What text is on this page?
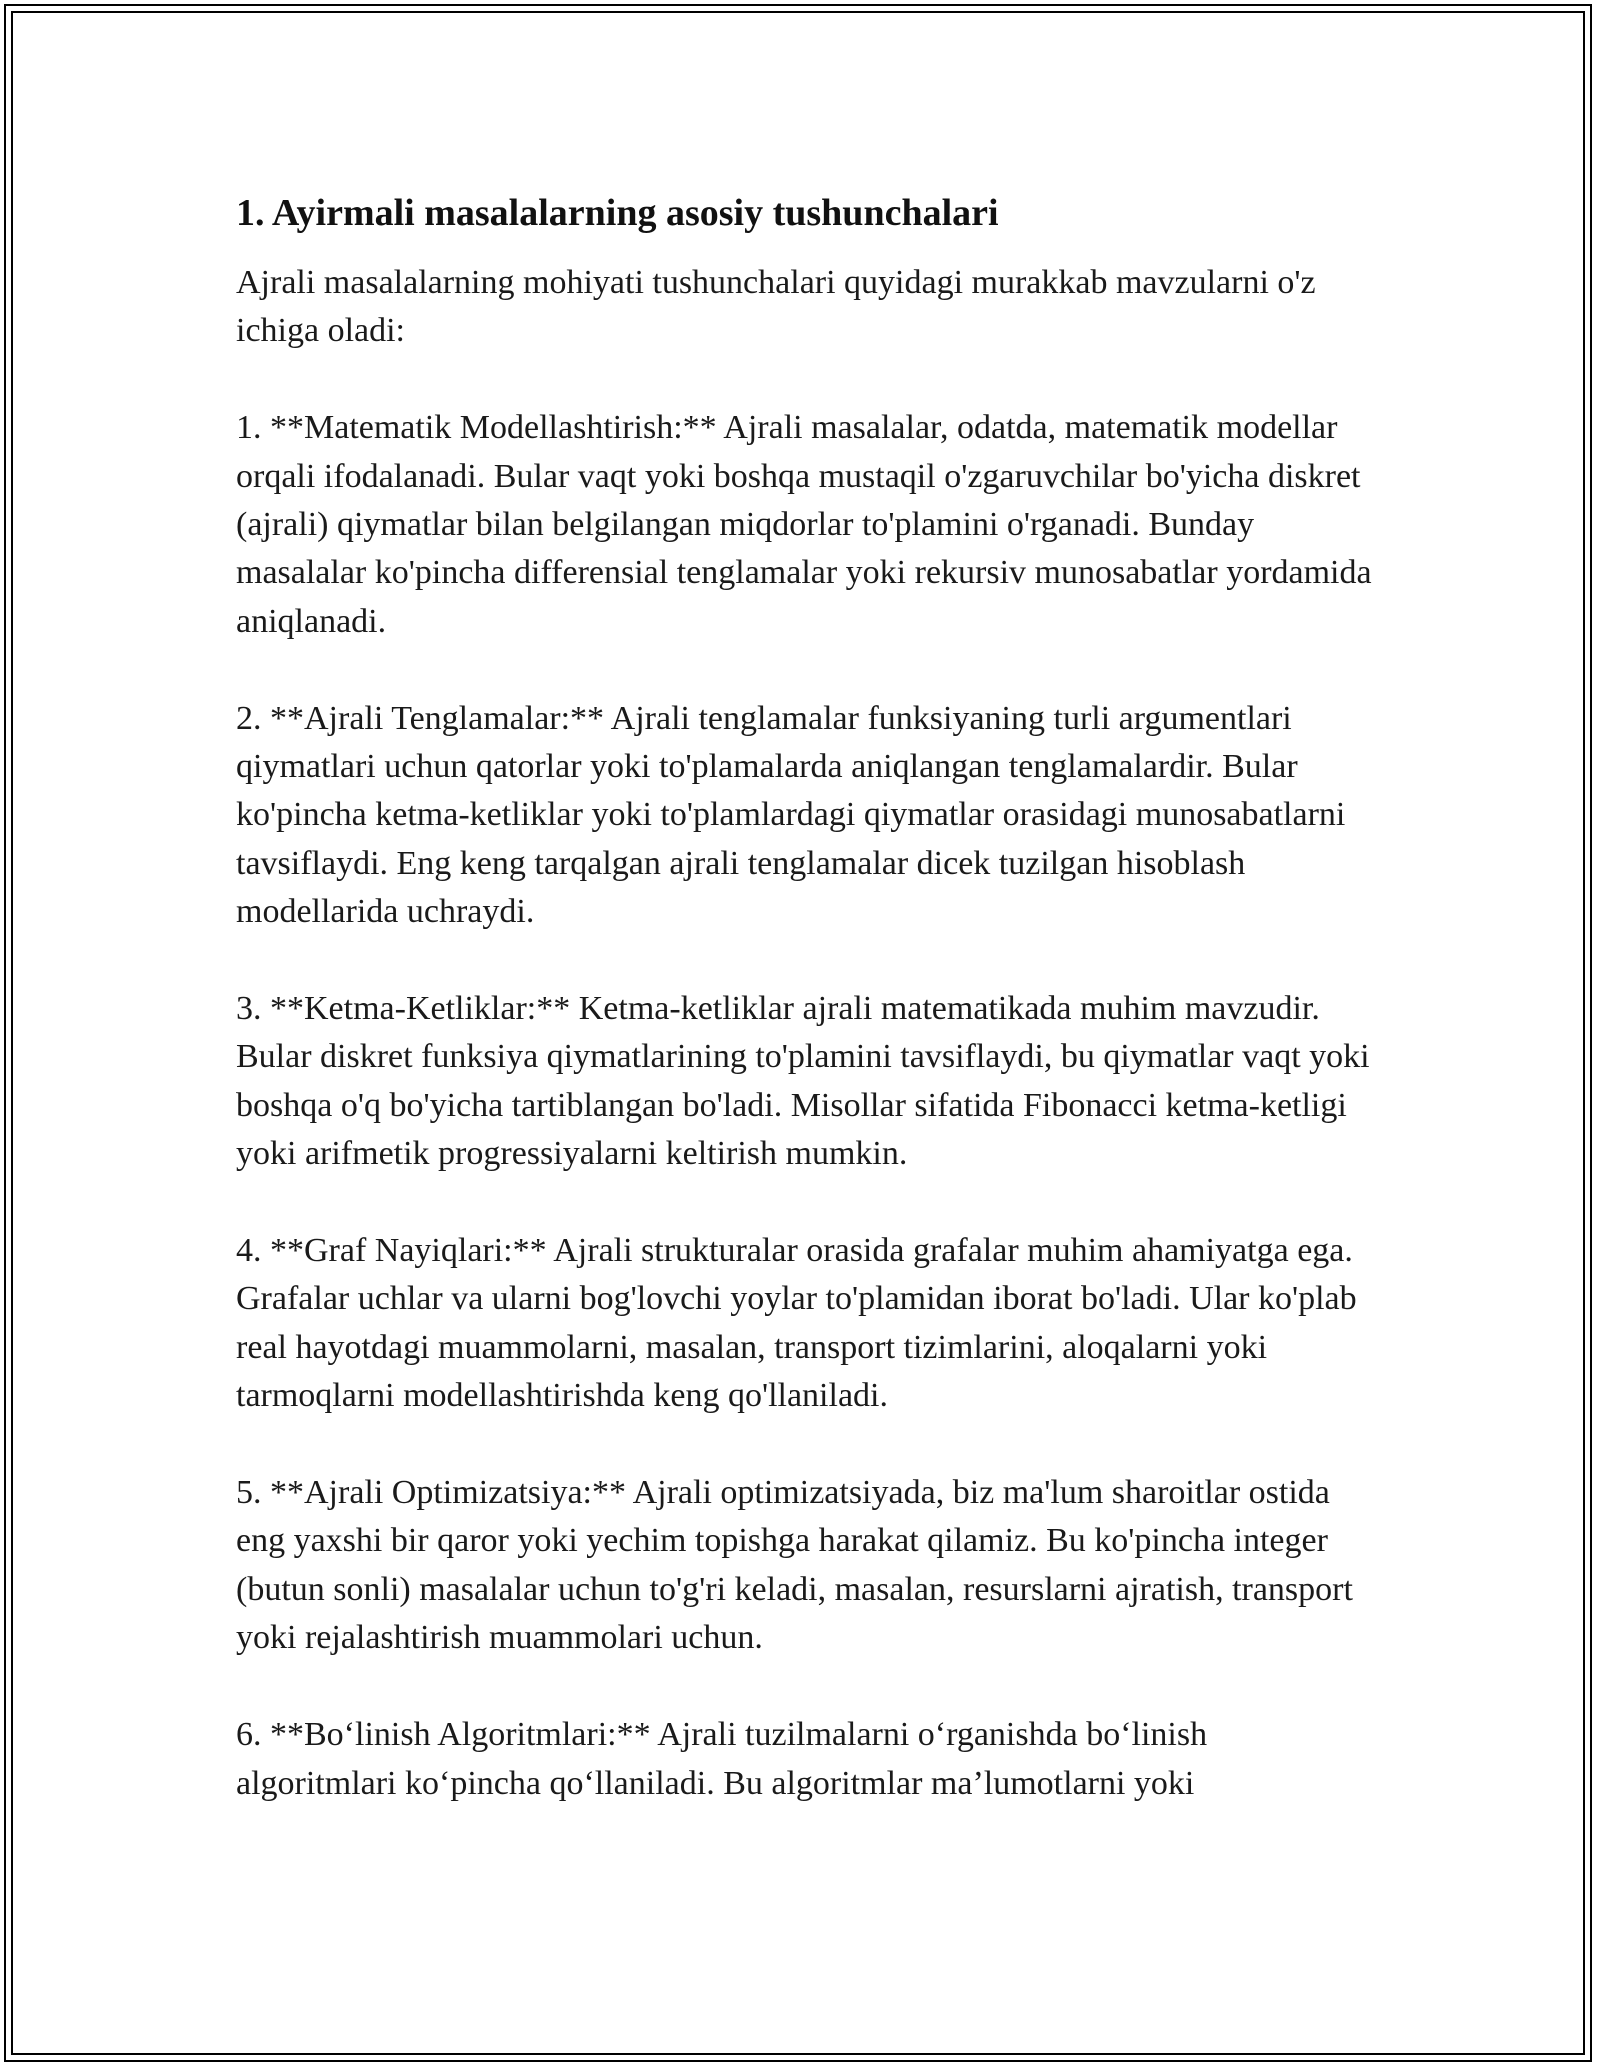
1. Ayirmali masalalarning asosiy tushunchalari

Ajrali masalalarning mohiyati tushunchalari quyidagi murakkab mavzularni o'z ichiga oladi:

1. **Matematik Modellashtirish:** Ajrali masalalar, odatda, matematik modellar orqali ifodalanadi. Bular vaqt yoki boshqa mustaqil o'zgaruvchilar bo'yicha diskret (ajrali) qiymatlar bilan belgilangan miqdorlar to'plamini o'rganadi. Bunday masalalar ko'pincha differensial tenglamalar yoki rekursiv munosabatlar yordamida aniqlanadi.

2. **Ajrali Tenglamalar:** Ajrali tenglamalar funksiyaning turli argumentlari qiymatlari uchun qatorlar yoki to'plamalarda aniqlangan tenglamalardir. Bular ko'pincha ketma-ketliklar yoki to'plamlardagi qiymatlar orasidagi munosabatlarni tavsiflaydi. Eng keng tarqalgan ajrali tenglamalar dicek tuzilgan hisoblash modellarida uchraydi.

3. **Ketma-Ketliklar:** Ketma-ketliklar ajrali matematikada muhim mavzudir. Bular diskret funksiya qiymatlarining to'plamini tavsiflaydi, bu qiymatlar vaqt yoki boshqa o'q bo'yicha tartiblangan bo'ladi. Misollar sifatida Fibonacci ketma-ketligi yoki arifmetik progressiyalarni keltirish mumkin.

4. **Graf Nayiqlari:** Ajrali strukturalar orasida grafalar muhim ahamiyatga ega. Grafalar uchlar va ularni bog'lovchi yoylar to'plamidan iborat bo'ladi. Ular ko'plab real hayotdagi muammolarni, masalan, transport tizimlarini, aloqalarni yoki tarmoqlarni modellashtirishda keng qo'llaniladi.

5. **Ajrali Optimizatsiya:** Ajrali optimizatsiyada, biz ma'lum sharoitlar ostida eng yaxshi bir qaror yoki yechim topishga harakat qilamiz. Bu ko'pincha integer (butun sonli) masalalar uchun to'g'ri keladi, masalan, resurslarni ajratish, transport yoki rejalashtirish muammolari uchun.

6. **Bo‘linish Algoritmlari:** Ajrali tuzilmalarni o‘rganishda bo‘linish algoritmlari ko‘pincha qo‘llaniladi. Bu algoritmlar ma’lumotlarni yoki
